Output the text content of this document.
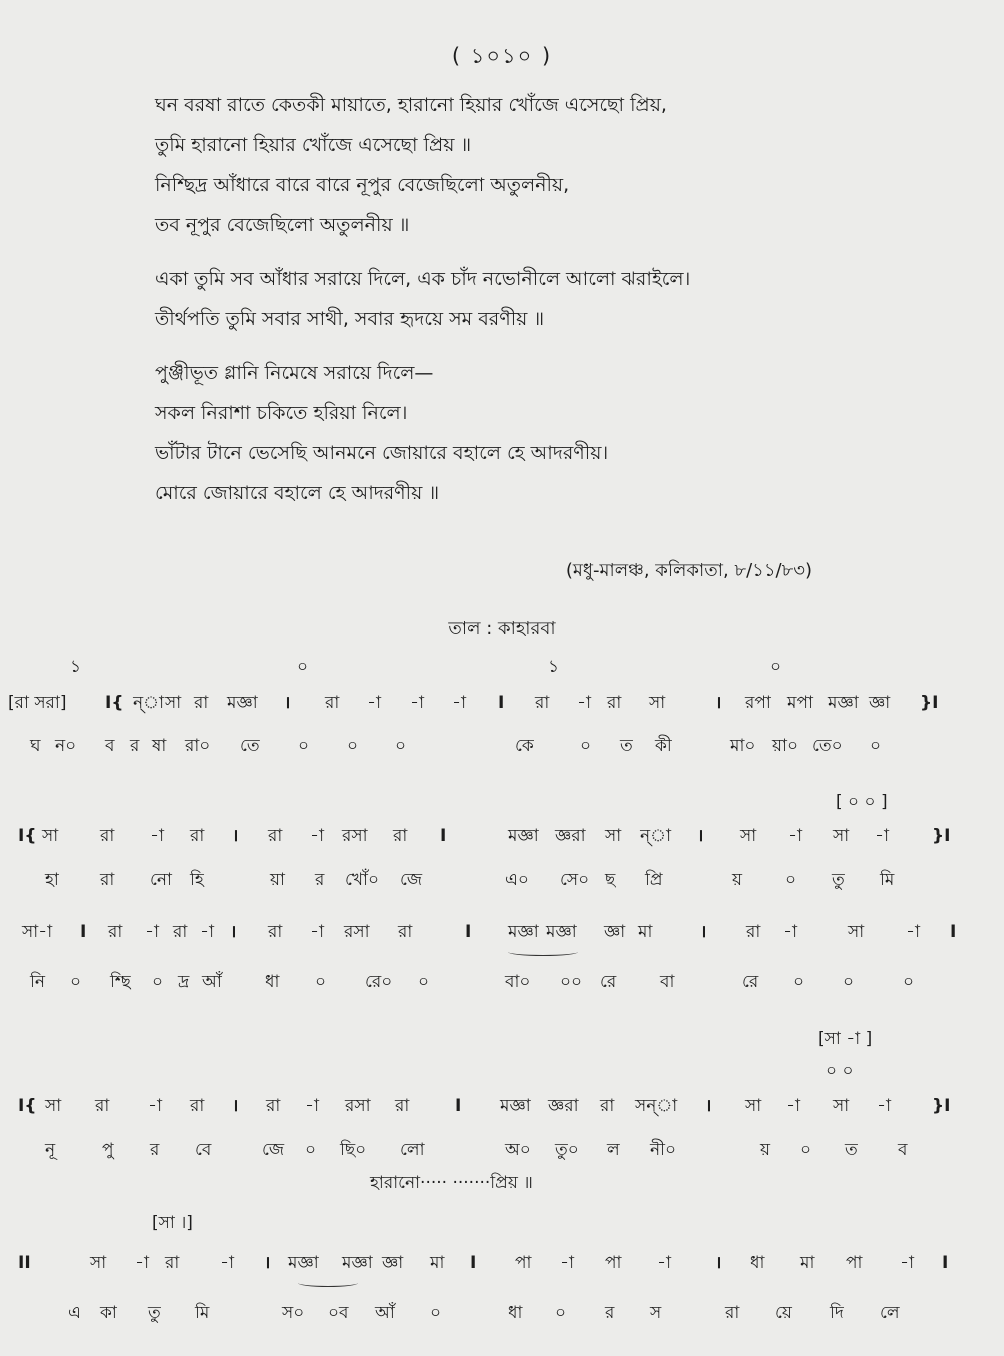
( ১০১০ )
ঘন বরষা রাতে কেতকী মায়াতে, হারানো হিয়ার খোঁজে এসেছো প্রিয়,
তুমি হারানো হিয়ার খোঁজে এসেছো প্রিয় ॥
নিশ্ছিদ্র আঁধারে বারে বারে নূপুর বেজেছিলো অতুলনীয়,
তব নূপুর বেজেছিলো অতুলনীয় ॥
একা তুমি সব আঁধার সরায়ে দিলে, এক চাঁদ নভোনীলে আলো ঝরাইলে।
তীর্থপতি তুমি সবার সাথী, সবার হৃদয়ে সম বরণীয় ॥
পুঞ্জীভূত গ্লানি নিমেষে সরায়ে দিলে—
সকল নিরাশা চকিতে হরিয়া নিলে।
ভাঁটার টানে ভেসেছি আনমনে জোয়ারে বহালে হে আদরণীয়।
মোরে জোয়ারে বহালে হে আদরণীয় ॥
(মধু-মালঞ্চ, কলিকাতা, ৮/১১/৮৩)
তাল : কাহারবা
১	০	১	০
[রা সরা] I{ ন্‌া সা রা মজ্ঞা । রা -া -া -া I রা -া রা সা	। রপা মপা মজ্ঞা জ্ঞা }I
ঘ ন০ ব র ষা রা০ তে ০ ০ ০	কে	০ ত কী	মা০ য়া০ তে০ ০
[ ০ ০ ]
I{ সা রা -া রা । রা -া রসা রা I	মজ্ঞা জ্ঞরা সা ন্‌া । সা -া সা -া	}I
হা রা নো হি	য়া র খোঁ০ জে	এ০ সে০ ছ প্রি	য়	০ তু মি
সা-া I রা -া রা -া । রা -া রসা রা	I মজ্ঞা মজ্ঞা জ্ঞা মা	। রা -া	সা -া I
নি ০ শ্ছি ০ দ্র আঁ	ধা ০ রে০ ০	বা০ ০০ রে	বা	রে ০ ০	০
[সা -া ]
০ ০
I{ সা রা -া রা । রা -া রসা রা	I মজ্ঞা জ্ঞরা রা সন্‌া । সা -া সা -া }I
নূ	পু র বে	জে ০ ছি০ লো	অ০ তু০ ল নী০	য় ০ ত ব
হারানো····· ·······প্রিয় ॥
[সা ।]
II	সা -া রা -া । মজ্ঞা মজ্ঞা জ্ঞা মা I পা -া পা -া	। ধা মা পা -া I
এ কা তু মি	স০ ০ব আঁ ০	ধা ০ র স	রা য়ে দি লে
